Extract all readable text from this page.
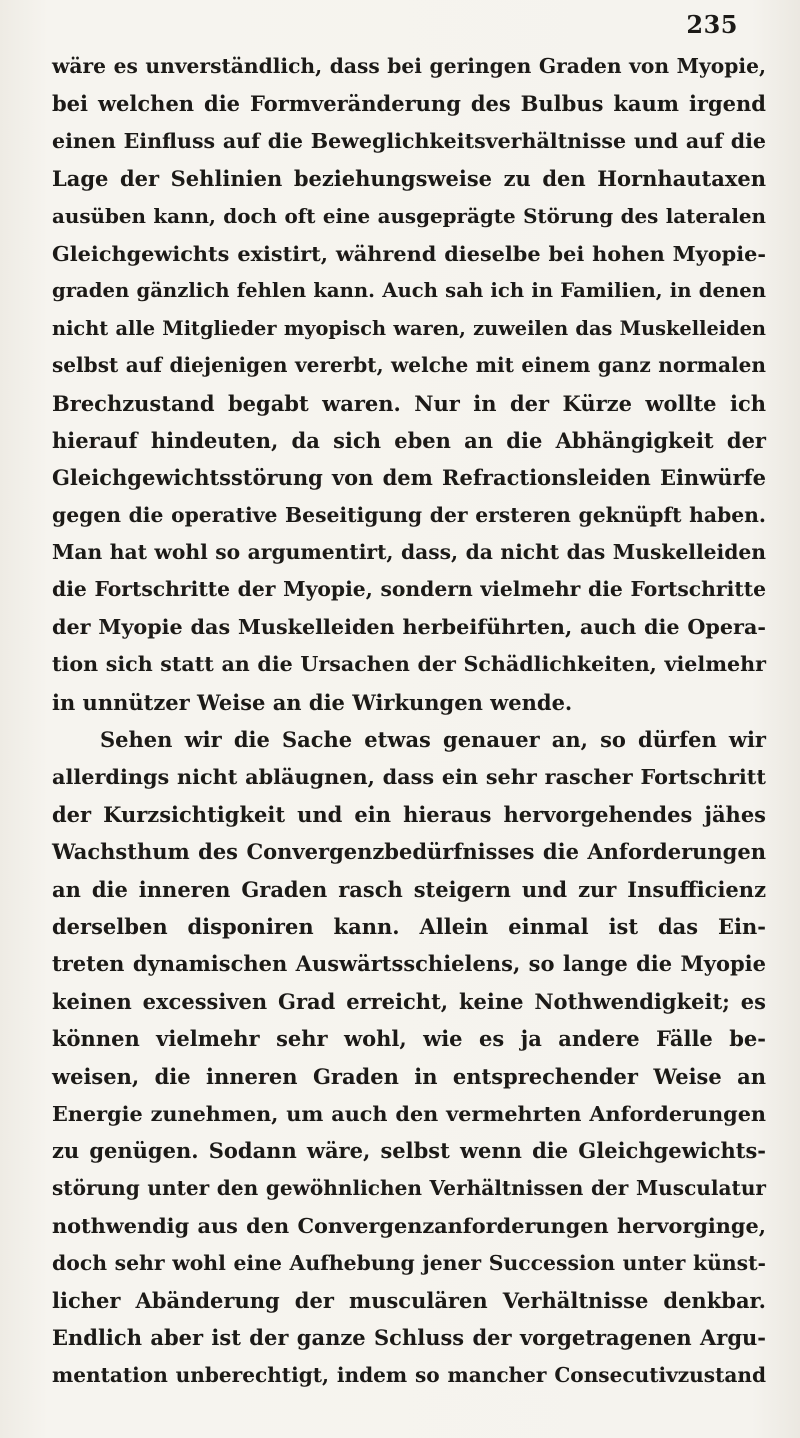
235
wäre es unverständlich, dass bei geringen Graden von Myopie,
bei welchen die Formveränderung des Bulbus kaum irgend
einen Einfluss auf die Beweglichkeitsverhältnisse und auf die
Lage der Sehlinien beziehungsweise zu den Hornhautaxen
ausüben kann, doch oft eine ausgeprägte Störung des lateralen
Gleichgewichts existirt, während dieselbe bei hohen Myopie-
graden gänzlich fehlen kann. Auch sah ich in Familien, in denen
nicht alle Mitglieder myopisch waren, zuweilen das Muskelleiden
selbst auf diejenigen vererbt, welche mit einem ganz normalen
Brechzustand begabt waren. Nur in der Kürze wollte ich
hierauf hindeuten, da sich eben an die Abhängigkeit der
Gleichgewichtsstörung von dem Refractionsleiden Einwürfe
gegen die operative Beseitigung der ersteren geknüpft haben.
Man hat wohl so argumentirt, dass, da nicht das Muskelleiden
die Fortschritte der Myopie, sondern vielmehr die Fortschritte
der Myopie das Muskelleiden herbeiführten, auch die Opera-
tion sich statt an die Ursachen der Schädlichkeiten, vielmehr
in unnützer Weise an die Wirkungen wende.
Sehen wir die Sache etwas genauer an, so dürfen wir
allerdings nicht abläugnen, dass ein sehr rascher Fortschritt
der Kurzsichtigkeit und ein hieraus hervorgehendes jähes
Wachsthum des Convergenzbedürfnisses die Anforderungen
an die inneren Graden rasch steigern und zur Insufficienz
derselben disponiren kann. Allein einmal ist das Ein-
treten dynamischen Auswärtsschielens, so lange die Myopie
keinen excessiven Grad erreicht, keine Nothwendigkeit; es
können vielmehr sehr wohl, wie es ja andere Fälle be-
weisen, die inneren Graden in entsprechender Weise an
Energie zunehmen, um auch den vermehrten Anforderungen
zu genügen. Sodann wäre, selbst wenn die Gleichgewichts-
störung unter den gewöhnlichen Verhältnissen der Musculatur
nothwendig aus den Convergenzanforderungen hervorginge,
doch sehr wohl eine Aufhebung jener Succession unter künst-
licher Abänderung der musculären Verhältnisse denkbar.
Endlich aber ist der ganze Schluss der vorgetragenen Argu-
mentation unberechtigt, indem so mancher Consecutivzustand
